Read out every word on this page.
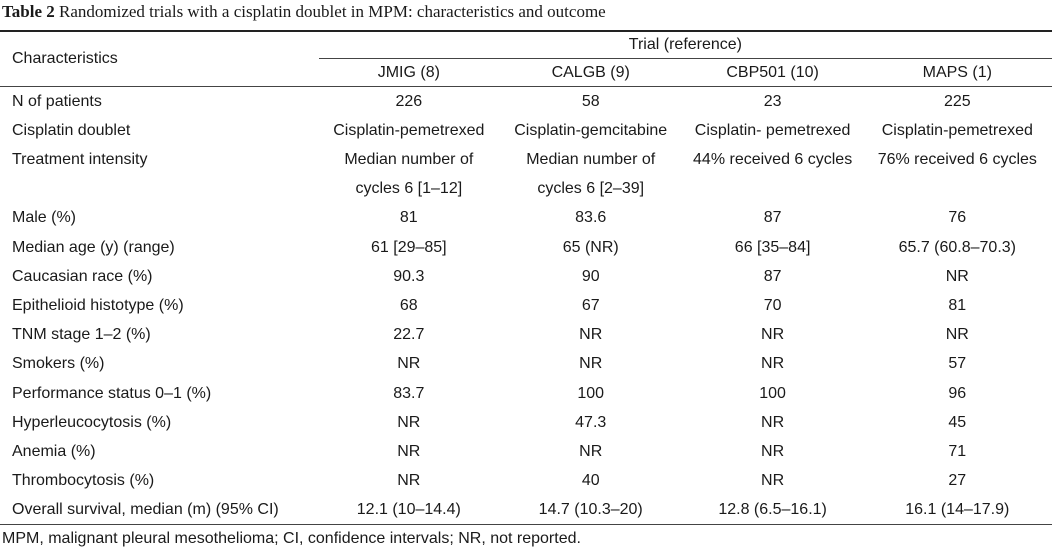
Table 2 Randomized trials with a cisplatin doublet in MPM: characteristics and outcome
Characteristics	Trial (reference)			
	JMIG (8)	CALGB (9)	CBP501 (10)	MAPS (1)
N of patients	226	58	23	225
Cisplatin doublet	Cisplatin-pemetrexed	Cisplatin-gemcitabine	Cisplatin- pemetrexed	Cisplatin-pemetrexed
Treatment intensity	Median number of cycles 6 [1–12]	Median number of cycles 6 [2–39]	44% received 6 cycles	76% received 6 cycles
Male (%)	81	83.6	87	76
Median age (y) (range)	61 [29–85]	65 (NR)	66 [35–84]	65.7 (60.8–70.3)
Caucasian race (%)	90.3	90	87	NR
Epithelioid histotype (%)	68	67	70	81
TNM stage 1–2 (%)	22.7	NR	NR	NR
Smokers (%)	NR	NR	NR	57
Performance status 0–1 (%)	83.7	100	100	96
Hyperleucocytosis (%)	NR	47.3	NR	45
Anemia (%)	NR	NR	NR	71
Thrombocytosis (%)	NR	40	NR	27
Overall survival, median (m) (95% CI)	12.1 (10–14.4)	14.7 (10.3–20)	12.8 (6.5–16.1)	16.1 (14–17.9)
MPM, malignant pleural mesothelioma; CI, confidence intervals; NR, not reported.
